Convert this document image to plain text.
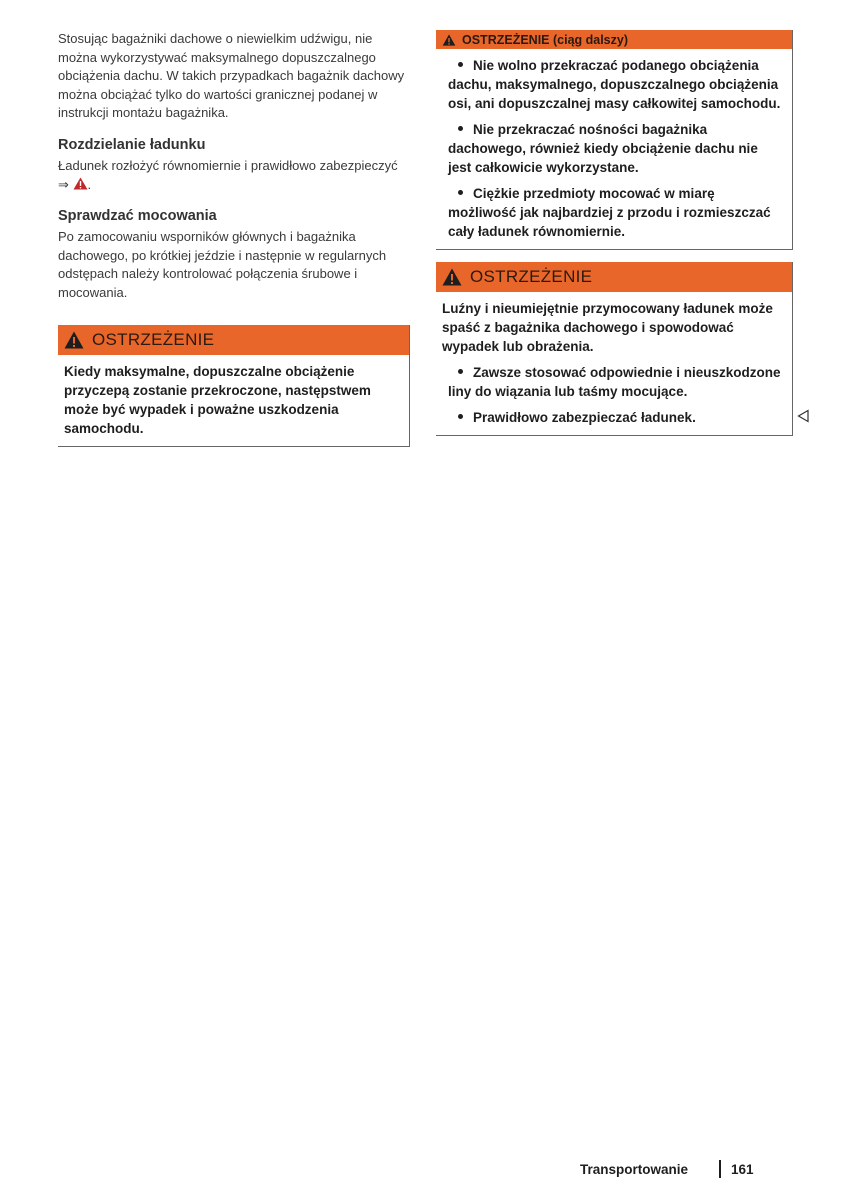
Stosując bagażniki dachowe o niewielkim udźwigu, nie można wykorzystywać maksymalnego dopuszczalnego obciążenia dachu. W takich przypadkach bagażnik dachowy można obciążać tylko do wartości granicznej podanej w instrukcji montażu bagażnika.

Rozdzielanie ładunku

Ładunek rozłożyć równomiernie i prawidłowo zabezpieczyć ⇒ .

Sprawdzać mocowania

Po zamocowaniu wsporników głównych i bagażnika dachowego, po krótkiej jeździe i następnie w regularnych odstępach należy kontrolować połączenia śrubowe i mocowania.

OSTRZEŻENIE

Kiedy maksymalne, dopuszczalne obciążenie przyczepą zostanie przekroczone, następstwem może być wypadek i poważne uszkodzenia samochodu.

OSTRZEŻENIE (ciąg dalszy)
Nie wolno przekraczać podanego obciążenia dachu, maksymalnego, dopuszczalnego obciążenia osi, ani dopuszczalnej masy całkowitej samochodu.
Nie przekraczać nośności bagażnika dachowego, również kiedy obciążenie dachu nie jest całkowicie wykorzystane.
Ciężkie przedmioty mocować w miarę możliwość jak najbardziej z przodu i rozmieszczać cały ładunek równomiernie.
OSTRZEŻENIE

Luźny i nieumiejętnie przymocowany ładunek może spaść z bagażnika dachowego i spowodować wypadek lub obrażenia.

Zawsze stosować odpowiednie i nieuszkodzone liny do wiązania lub taśmy mocujące.
Prawidłowo zabezpieczać ładunek.
Transportowanie	161
